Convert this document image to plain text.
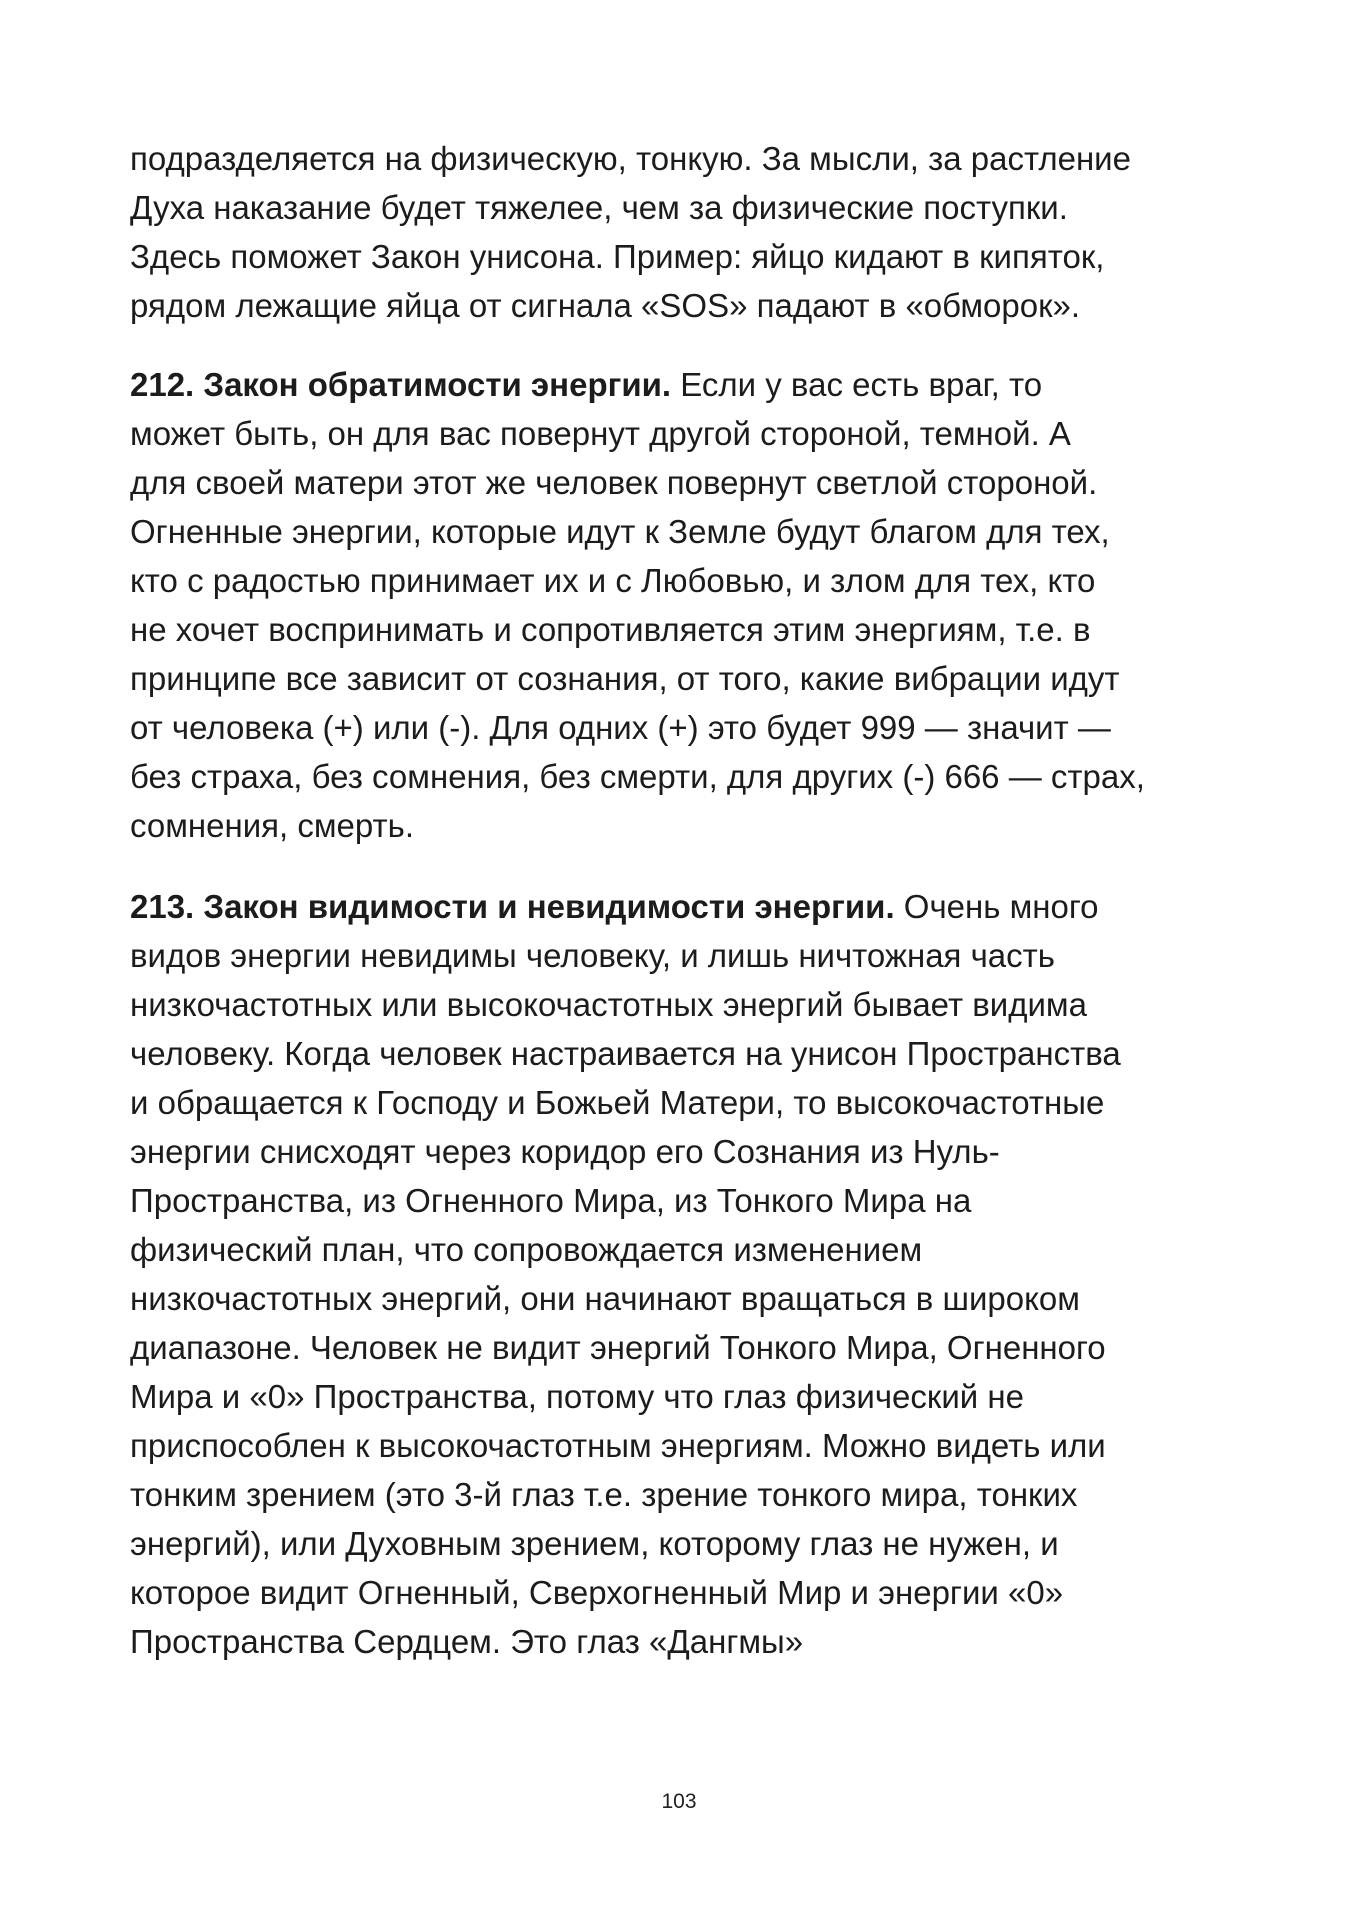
подразделяется на физическую, тонкую. За мысли, за растление
Духа наказание будет тяжелее, чем за физические поступки.
Здесь поможет Закон унисона. Пример: яйцо кидают в кипяток,
рядом лежащие яйца от сигнала «SOS» падают в «обморок».

212. Закон обратимости энергии. Если у вас есть враг, то
может быть, он для вас повернут другой стороной, темной. А
для своей матери этот же человек повернут светлой стороной.
Огненные энергии, которые идут к Земле будут благом для тех,
кто с радостью принимает их и с Любовью, и злом для тех, кто
не хочет воспринимать и сопротивляется этим энергиям, т.е. в
принципе все зависит от сознания, от того, какие вибрации идут
от человека (+) или (-). Для одних (+) это будет 999 — значит —
без страха, без сомнения, без смерти, для других (-) 666 — страх,
сомнения, смерть.

213. Закон видимости и невидимости энергии. Очень много
видов энергии невидимы человеку, и лишь ничтожная часть
низкочастотных или высокочастотных энергий бывает видима
человеку. Когда человек настраивается на унисон Пространства
и обращается к Господу и Божьей Матери, то высокочастотные
энергии снисходят через коридор его Сознания из Нуль-
Пространства, из Огненного Мира, из Тонкого Мира на
физический план, что сопровождается изменением
низкочастотных энергий, они начинают вращаться в широком
диапазоне. Человек не видит энергий Тонкого Мира, Огненного
Мира и «0» Пространства, потому что глаз физический не
приспособлен к высокочастотным энергиям. Можно видеть или
тонким зрением (это 3-й глаз т.е. зрение тонкого мира, тонких
энергий), или Духовным зрением, которому глаз не нужен, и
которое видит Огненный, Сверхогненный Мир и энергии «0»
Пространства Сердцем. Это глаз «Дангмы»

103
